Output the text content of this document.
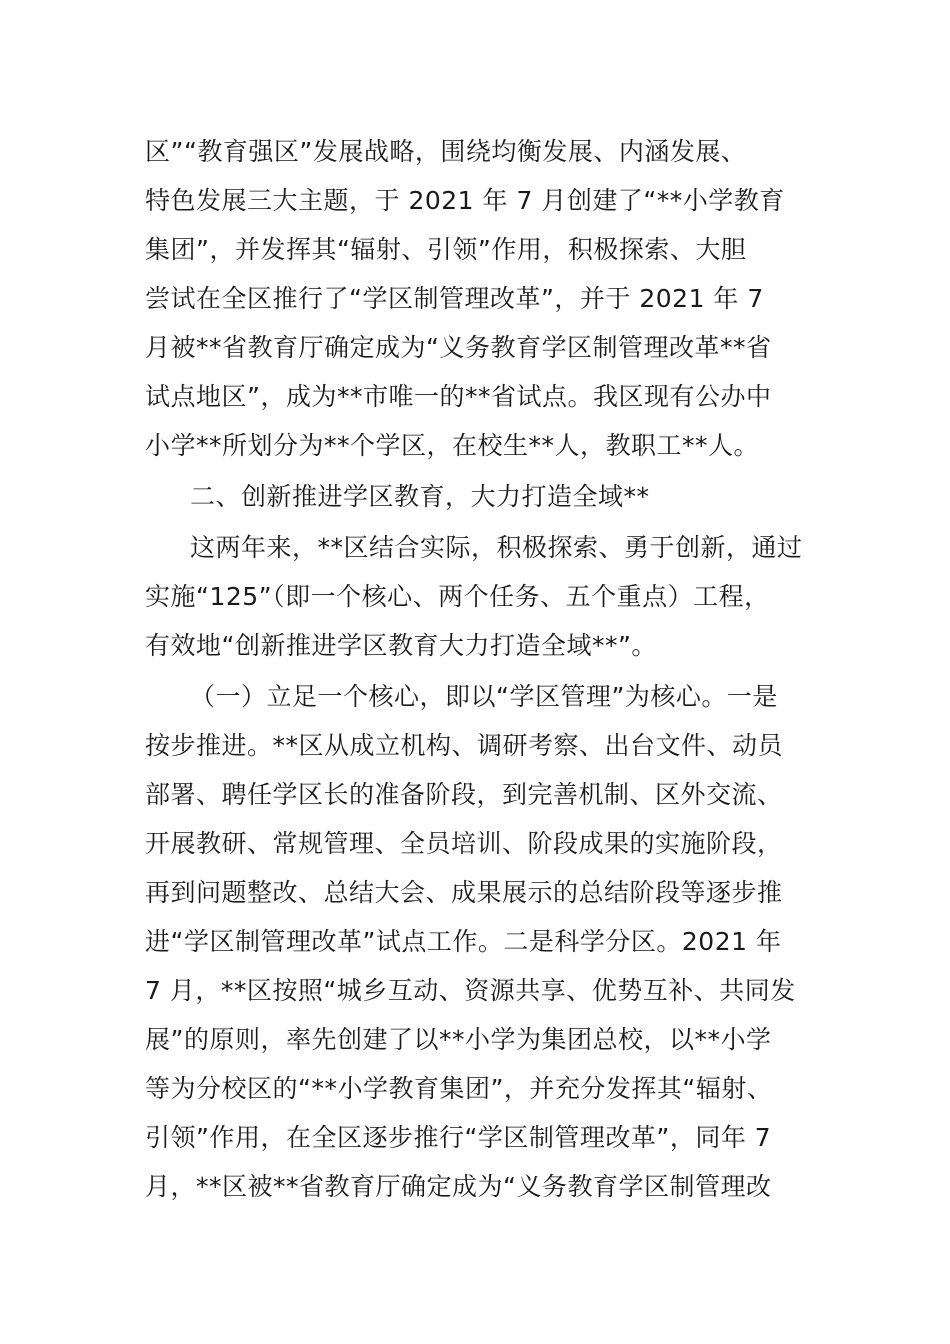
区”“教育强区”发展战略，围绕均衡发展、内涵发展、
特色发展三大主题，于 2021 年 7 月创建了“**小学教育
集团”，并发挥其“辐射、引领”作用，积极探索、大胆
尝试在全区推行了“学区制管理改革”，并于 2021 年 7
月被**省教育厅确定成为“义务教育学区制管理改革**省
试点地区”，成为**市唯一的**省试点。我区现有公办中
小学**所划分为**个学区，在校生**人，教职工**人。
二、创新推进学区教育，大力打造全域**
这两年来，**区结合实际，积极探索、勇于创新，通过
实施“125”（即一个核心、两个任务、五个重点）工程，
有效地“创新推进学区教育大力打造全域**”。
（一）立足一个核心，即以“学区管理”为核心。一是
按步推进。**区从成立机构、调研考察、出台文件、动员
部署、聘任学区长的准备阶段，到完善机制、区外交流、
开展教研、常规管理、全员培训、阶段成果的实施阶段，
再到问题整改、总结大会、成果展示的总结阶段等逐步推
进“学区制管理改革”试点工作。二是科学分区。2021 年
7 月，**区按照“城乡互动、资源共享、优势互补、共同发
展”的原则，率先创建了以**小学为集团总校，以**小学
等为分校区的“**小学教育集团”，并充分发挥其“辐射、
引领”作用，在全区逐步推行“学区制管理改革”，同年 7
月，**区被**省教育厅确定成为“义务教育学区制管理改
